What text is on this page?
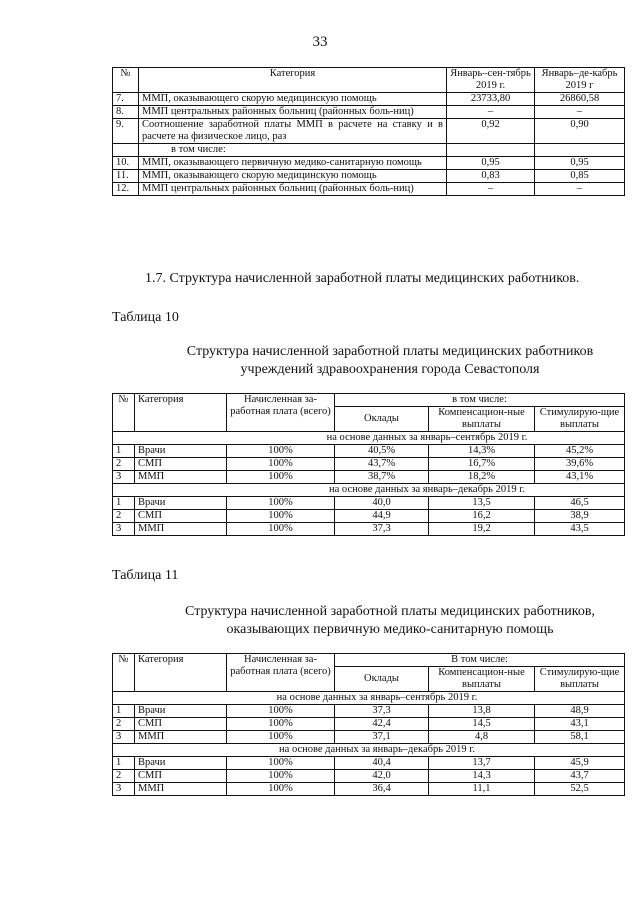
33
№	Категория	Январь–сен-тябрь 2019 г.	Январь–де-кабрь 2019 г
7.	ММП, оказывающего скорую медицинскую помощь	23733,80	26860,58
8.	ММП центральных районных больниц (районных боль-ниц)	–	–
9.	Соотношение заработной платы ММП в расчете на ставку и в расчете на физическое лицо, раз	0,92	0,90
	в том числе:		
10.	ММП, оказывающего первичную медико-санитарную помощь	0,95	0,95
11.	ММП, оказывающего скорую медицинскую помощь	0,83	0,85
12.	ММП центральных районных больниц (районных боль-ниц)	–	–
1.7. Структура начисленной заработной платы медицинских работников.
Таблица 10
Структура начисленной заработной платы медицинских работников
учреждений здравоохранения города Севастополя
№	Категория	Начисленная за-работная плата (всего)	в том числе:		
			Оклады	Компенсацион-ные выплаты	Стимулирую-щие выплаты
на основе данных за январь–сентябрь 2019 г.					
1	Врачи	100%	40,5%	14,3%	45,2%
2	СМП	100%	43,7%	16,7%	39,6%
3	ММП	100%	38,7%	18,2%	43,1%
на основе данных за январь–декабрь 2019 г.					
1	Врачи	100%	40,0	13,5	46,5
2	СМП	100%	44,9	16,2	38,9
3	ММП	100%	37,3	19,2	43,5
Таблица 11
Структура начисленной заработной платы медицинских работников,
оказывающих первичную медико-санитарную помощь
№	Категория	Начисленная за-работная плата (всего)	В том числе:		
			Оклады	Компенсацион-ные выплаты	Стимулирую-щие выплаты
на основе данных за январь–сентябрь 2019 г.					
1	Врачи	100%	37,3	13,8	48,9
2	СМП	100%	42,4	14,5	43,1
3	ММП	100%	37,1	4,8	58,1
на основе данных за январь–декабрь 2019 г.					
1	Врачи	100%	40,4	13,7	45,9
2	СМП	100%	42,0	14,3	43,7
3	ММП	100%	36,4	11,1	52,5
